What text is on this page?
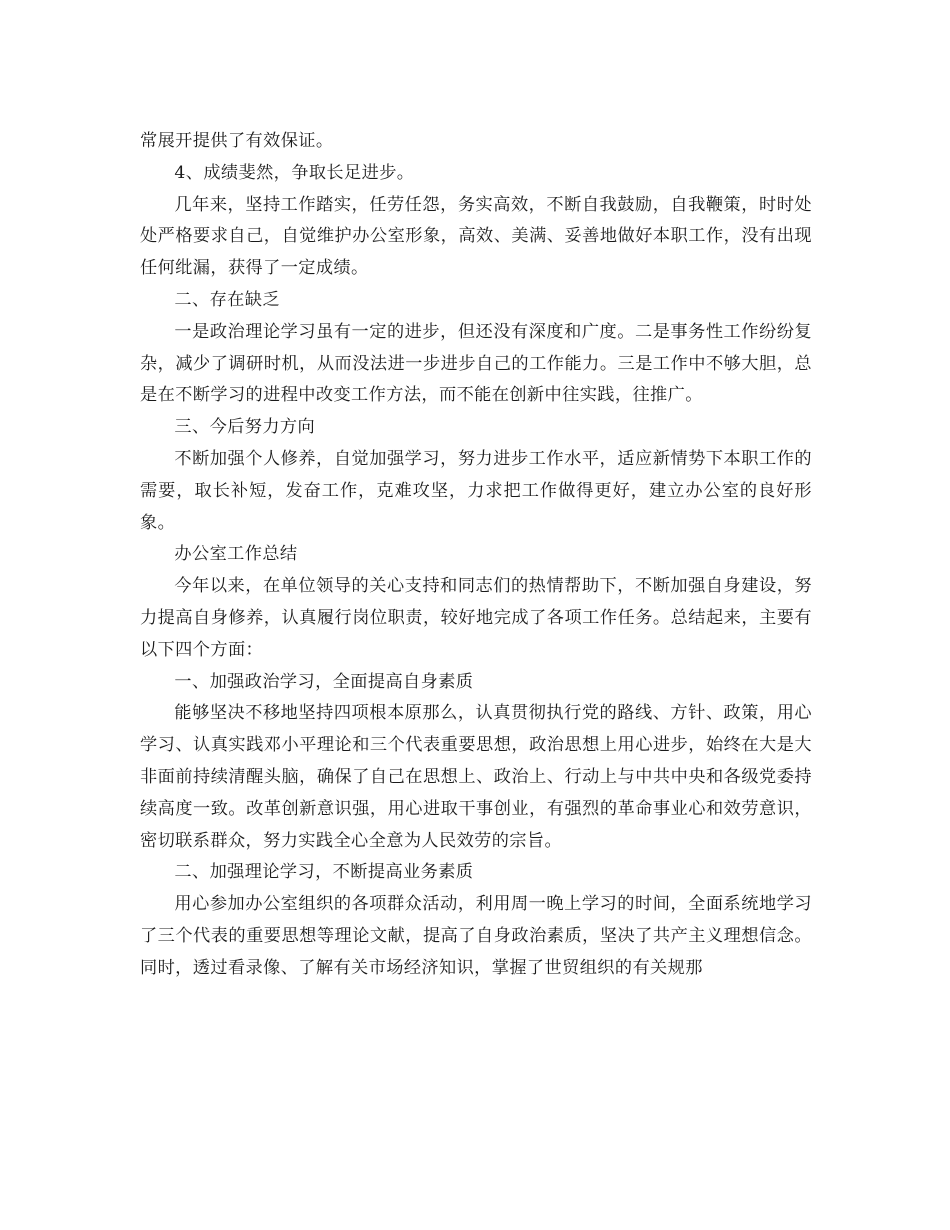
常展开提供了有效保证。

4、成绩斐然，争取长足进步。

几年来，坚持工作踏实，任劳任怨，务实高效，不断自我鼓励，自我鞭策，时时处处严格要求自己，自觉维护办公室形象，高效、美满、妥善地做好本职工作，没有出现任何纰漏，获得了一定成绩。

二、存在缺乏

一是政治理论学习虽有一定的进步，但还没有深度和广度。二是事务性工作纷纷复杂，减少了调研时机，从而没法进一步进步自己的工作能力。三是工作中不够大胆，总是在不断学习的进程中改变工作方法，而不能在创新中往实践，往推广。

三、今后努力方向

不断加强个人修养，自觉加强学习，努力进步工作水平，适应新情势下本职工作的需要，取长补短，发奋工作，克难攻坚，力求把工作做得更好，建立办公室的良好形象。

办公室工作总结

今年以来，在单位领导的关心支持和同志们的热情帮助下，不断加强自身建设，努力提高自身修养，认真履行岗位职责，较好地完成了各项工作任务。总结起来，主要有以下四个方面：

一、加强政治学习，全面提高自身素质

能够坚决不移地坚持四项根本原那么，认真贯彻执行党的路线、方针、政策，用心学习、认真实践邓小平理论和三个代表重要思想，政治思想上用心进步，始终在大是大非面前持续清醒头脑，确保了自己在思想上、政治上、行动上与中共中央和各级党委持续高度一致。改革创新意识强，用心进取干事创业，有强烈的革命事业心和效劳意识，密切联系群众，努力实践全心全意为人民效劳的宗旨。

二、加强理论学习，不断提高业务素质

用心参加办公室组织的各项群众活动，利用周一晚上学习的时间，全面系统地学习了三个代表的重要思想等理论文献，提高了自身政治素质，坚决了共产主义理想信念。同时，透过看录像、了解有关市场经济知识，掌握了世贸组织的有关规那
